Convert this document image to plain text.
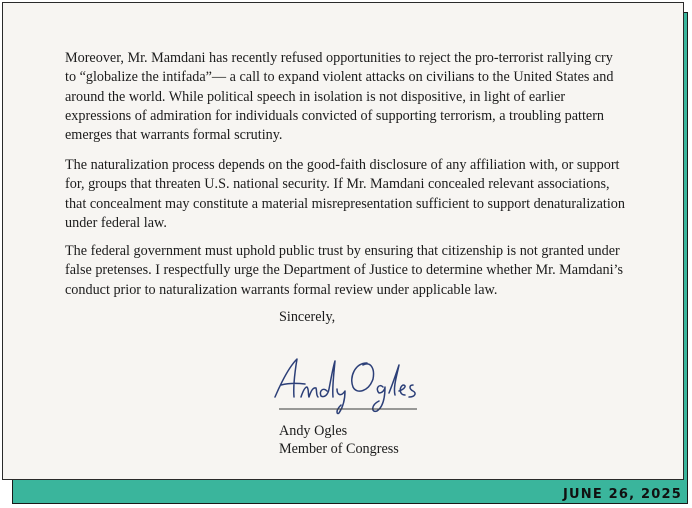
Moreover, Mr. Mamdani has recently refused opportunities to reject the pro-terrorist rallying cry to “globalize the intifada”— a call to expand violent attacks on civilians to the United States and around the world. While political speech in isolation is not dispositive, in light of earlier expressions of admiration for individuals convicted of supporting terrorism, a troubling pattern emerges that warrants formal scrutiny.
The naturalization process depends on the good-faith disclosure of any affiliation with, or support for, groups that threaten U.S. national security. If Mr. Mamdani concealed relevant associations, that concealment may constitute a material misrepresentation sufficient to support denaturalization under federal law.
The federal government must uphold public trust by ensuring that citizenship is not granted under false pretenses. I respectfully urge the Department of Justice to determine whether Mr. Mamdani’s conduct prior to naturalization warrants formal review under applicable law.
Sincerely,
Andy Ogles
Member of Congress
JUNE 26, 2025
